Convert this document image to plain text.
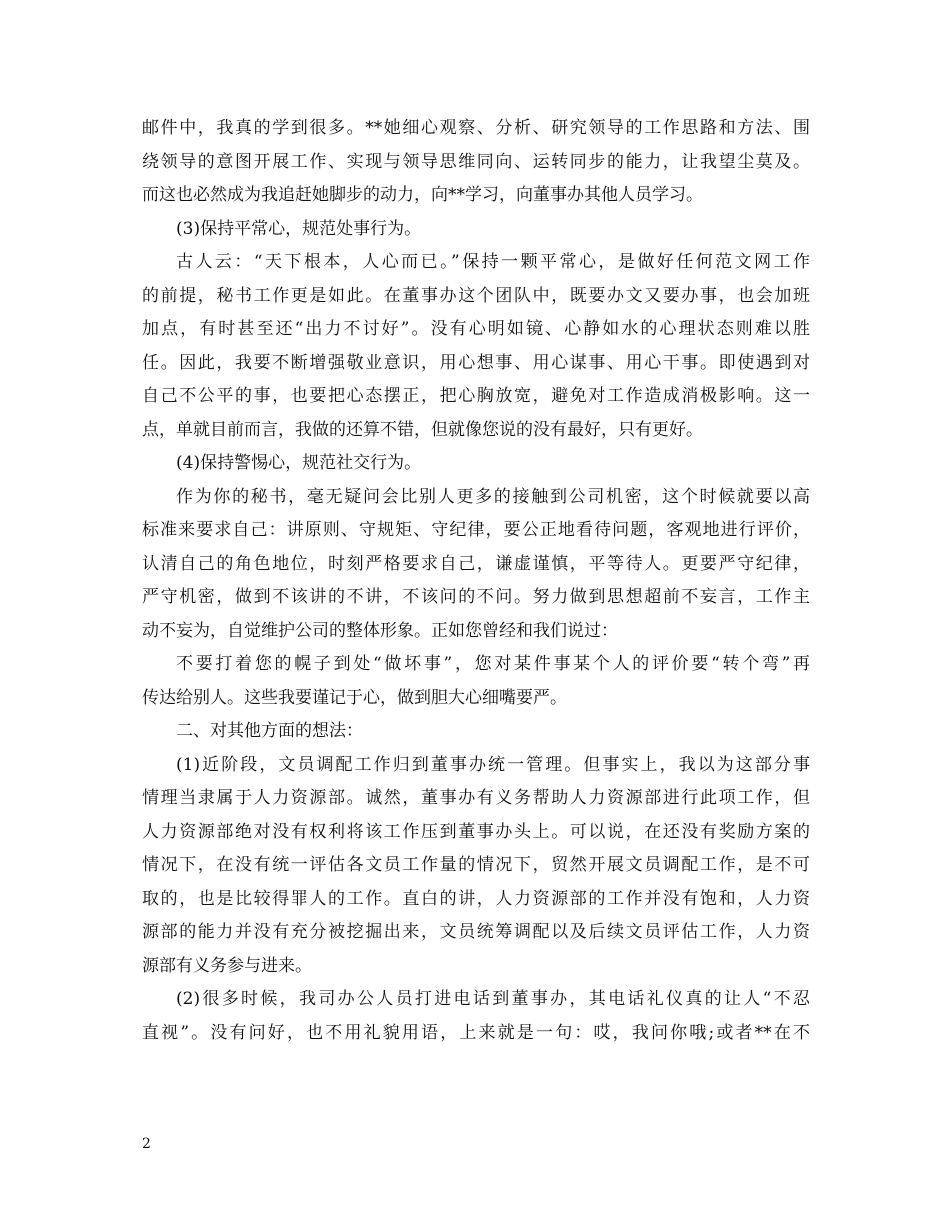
邮件中，我真的学到很多。**她细心观察、分析、研究领导的工作思路和方法、围
绕领导的意图开展工作、实现与领导思维同向、运转同步的能力，让我望尘莫及。
而这也必然成为我追赶她脚步的动力，向**学习，向董事办其他人员学习。
(3)保持平常心，规范处事行为。
古人云：“天下根本，人心而已。”保持一颗平常心，是做好任何范文网工作
的前提，秘书工作更是如此。在董事办这个团队中，既要办文又要办事，也会加班
加点，有时甚至还“出力不讨好”。没有心明如镜、心静如水的心理状态则难以胜
任。因此，我要不断增强敬业意识，用心想事、用心谋事、用心干事。即使遇到对
自己不公平的事，也要把心态摆正，把心胸放宽，避免对工作造成消极影响。这一
点，单就目前而言，我做的还算不错，但就像您说的没有最好，只有更好。
(4)保持警惕心，规范社交行为。
作为你的秘书，毫无疑问会比别人更多的接触到公司机密，这个时候就要以高
标准来要求自己：讲原则、守规矩、守纪律，要公正地看待问题，客观地进行评价，
认清自己的角色地位，时刻严格要求自己，谦虚谨慎，平等待人。更要严守纪律，
严守机密，做到不该讲的不讲，不该问的不问。努力做到思想超前不妄言，工作主
动不妄为，自觉维护公司的整体形象。正如您曾经和我们说过：
不要打着您的幌子到处“做坏事”，您对某件事某个人的评价要“转个弯”再
传达给别人。这些我要谨记于心，做到胆大心细嘴要严。
二、对其他方面的想法：
(1)近阶段，文员调配工作归到董事办统一管理。但事实上，我以为这部分事
情理当隶属于人力资源部。诚然，董事办有义务帮助人力资源部进行此项工作，但
人力资源部绝对没有权利将该工作压到董事办头上。可以说，在还没有奖励方案的
情况下，在没有统一评估各文员工作量的情况下，贸然开展文员调配工作，是不可
取的，也是比较得罪人的工作。直白的讲，人力资源部的工作并没有饱和，人力资
源部的能力并没有充分被挖掘出来，文员统筹调配以及后续文员评估工作，人力资
源部有义务参与进来。
(2)很多时候，我司办公人员打进电话到董事办，其电话礼仪真的让人“不忍
直视”。没有问好，也不用礼貌用语，上来就是一句：哎，我问你哦;或者**在不
2
